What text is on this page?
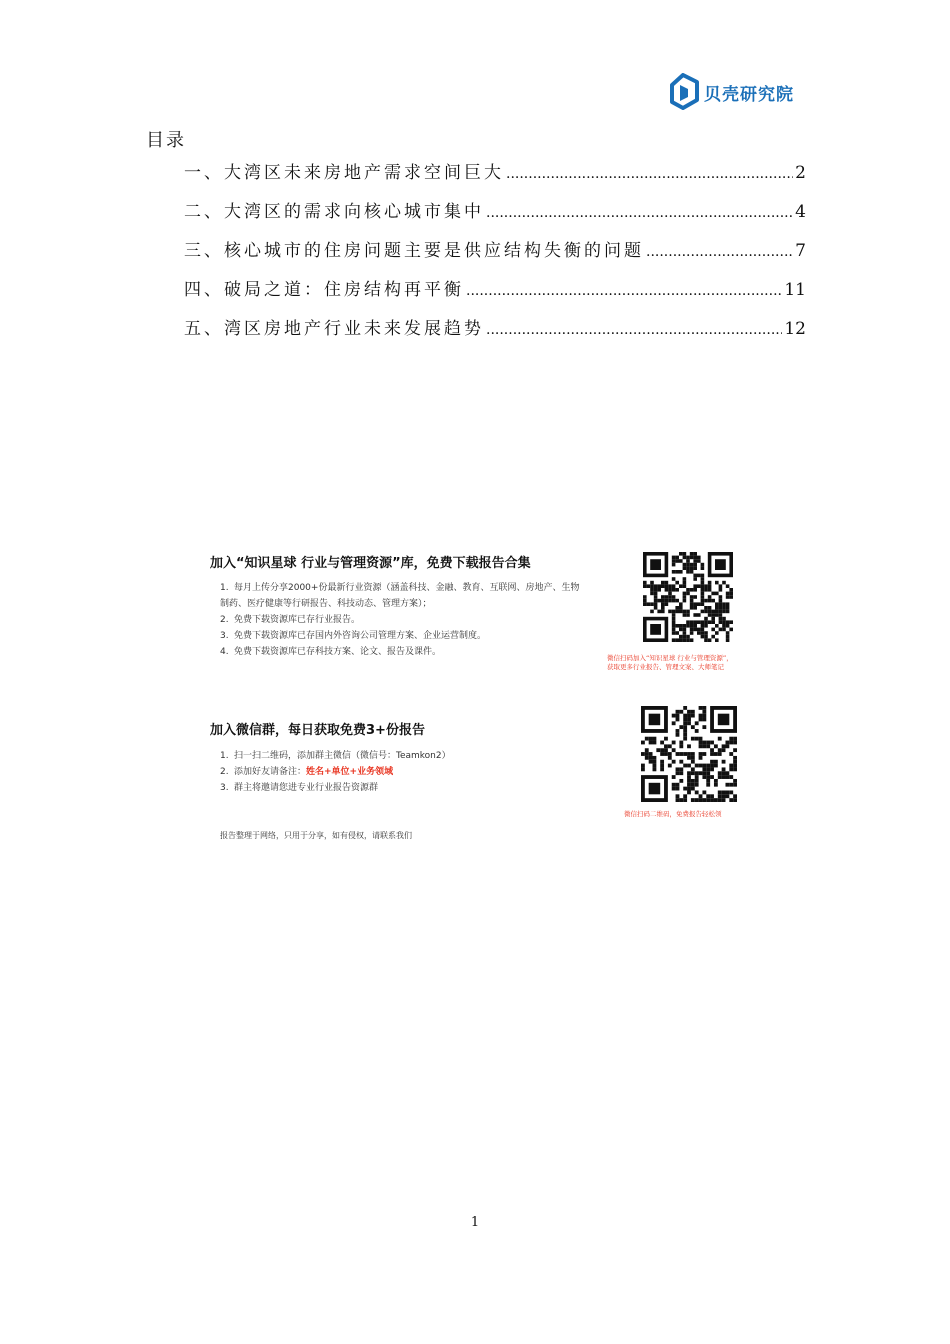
贝壳研究院
目录
一、大湾区未来房地产需求空间巨大 .....	2
二、大湾区的需求向核心城市集中 .....	4
三、核心城市的住房问题主要是供应结构失衡的问题 .....	7
四、破局之道：住房结构再平衡 .....	11
五、湾区房地产行业未来发展趋势 .....	12
加入“知识星球 行业与管理资源”库，免费下载报告合集
1. 每月上传分享2000+份最新行业资源（涵盖科技、金融、教育、互联网、房地产、生物制药、医疗健康等行研报告、科技动态、管理方案）；
2. 免费下载资源库已存行业报告。
3. 免费下载资源库已存国内外咨询公司管理方案、企业运营制度。
4. 免费下载资源库已存科技方案、论文、报告及课件。
微信扫码加入“知识星球 行业与管理资源”，
获取更多行业报告、管理文案、大师笔记
加入微信群，每日获取免费3+份报告
1. 扫一扫二维码，添加群主微信（微信号：Teamkon2）
2. 添加好友请备注：姓名+单位+业务领域
3. 群主将邀请您进专业行业报告资源群
微信扫码二维码，免费报告轻松领
报告整理于网络，只用于分享，如有侵权，请联系我们
1
